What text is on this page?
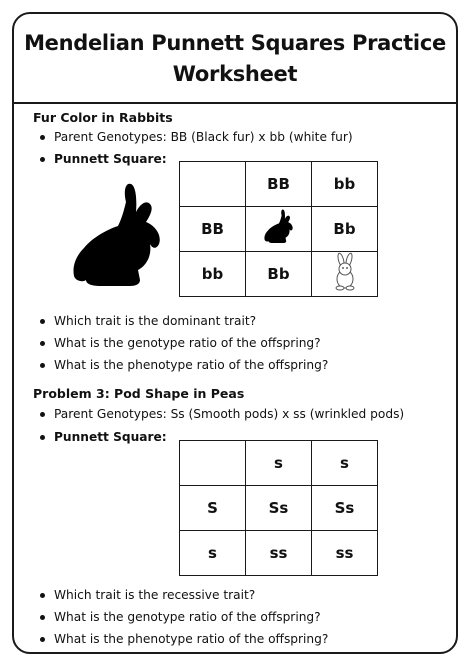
Mendelian Punnett Squares Practice
Worksheet
Fur Color in Rabbits
Parent Genotypes: BB (Black fur) x bb (white fur)
Punnett Square:
	BB	bb
BB		Bb
bb	Bb	
Which trait is the dominant trait?
What is the genotype ratio of the offspring?
What is the phenotype ratio of the offspring?
Problem 3: Pod Shape in Peas
Parent Genotypes: Ss (Smooth pods) x ss (wrinkled pods)
Punnett Square:
	s	s
S	Ss	Ss
s	ss	ss
Which trait is the recessive trait?
What is the genotype ratio of the offspring?
What is the phenotype ratio of the offspring?
